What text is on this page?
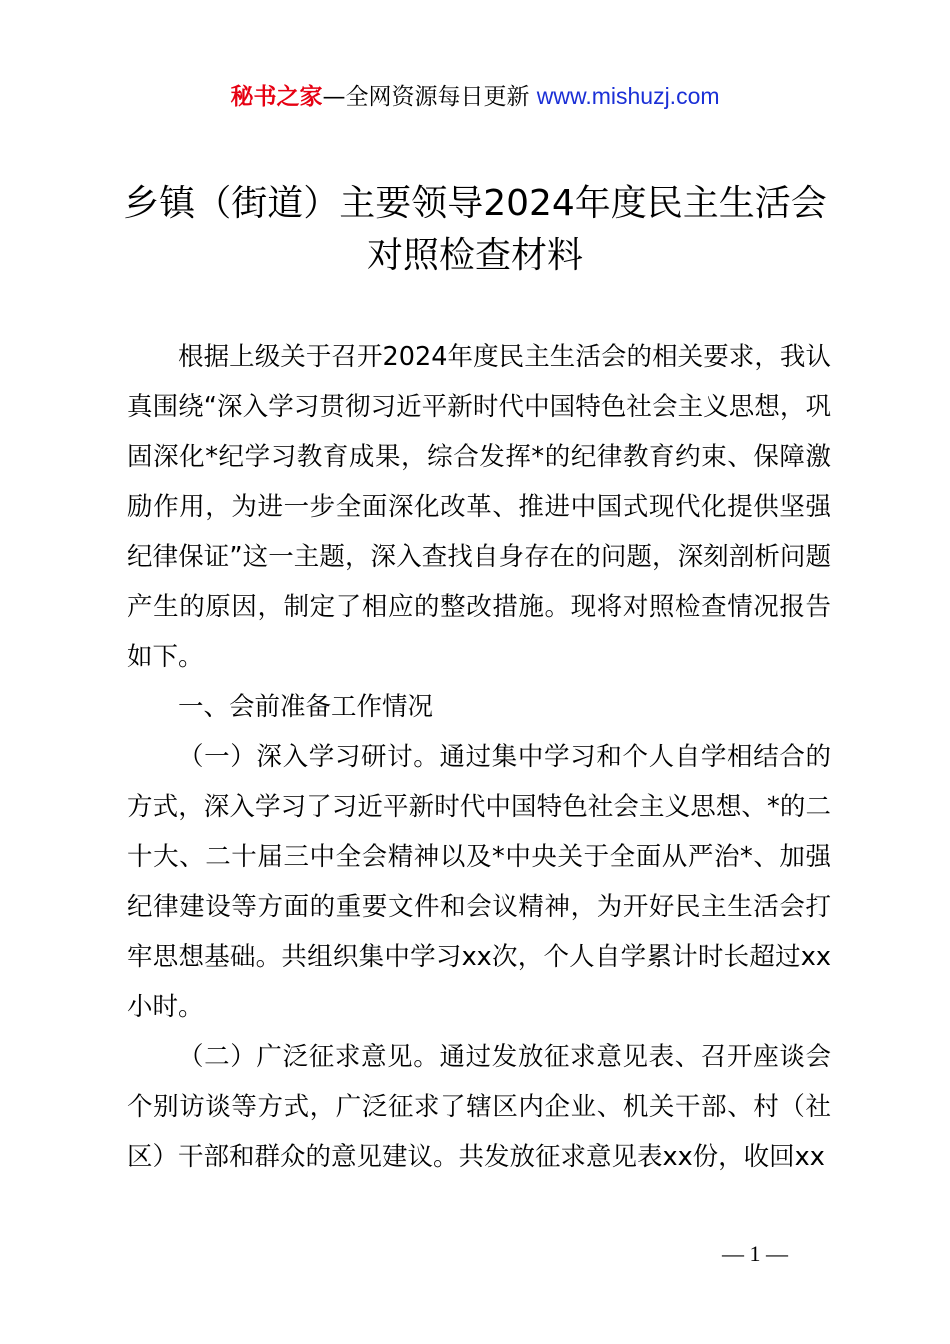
秘书之家—全网资源每日更新 www.mishuzj.com
乡镇（街道）主要领导2024年度民主生活会
对照检查材料

根据上级关于召开2024年度民主生活会的相关要求，我认真围绕“深入学习贯彻习近平新时代中国特色社会主义思想，巩固深化*纪学习教育成果，综合发挥*的纪律教育约束、保障激励作用，为进一步全面深化改革、推进中国式现代化提供坚强纪律保证”这一主题，深入查找自身存在的问题，深刻剖析问题产生的原因，制定了相应的整改措施。现将对照检查情况报告如下。

一、会前准备工作情况

（一）深入学习研讨。通过集中学习和个人自学相结合的方式，深入学习了习近平新时代中国特色社会主义思想、*的二十大、二十届三中全会精神以及*中央关于全面从严治*、加强纪律建设等方面的重要文件和会议精神，为开好民主生活会打牢思想基础。共组织集中学习xx次，个人自学累计时长超过xx小时。

（二）广泛征求意见。通过发放征求意见表、召开座谈会个别访谈等方式，广泛征求了辖区内企业、机关干部、村（社区）干部和群众的意见建议。共发放征求意见表xx份，收回xx

— 1 —
